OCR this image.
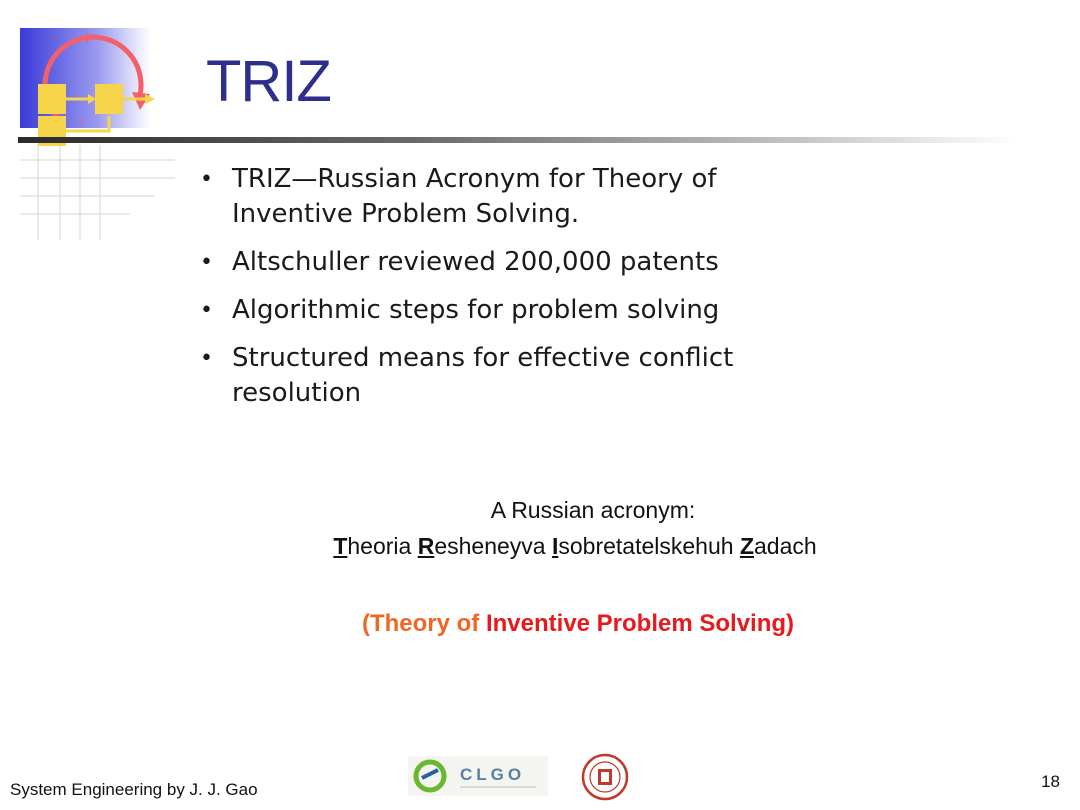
+
-
TRIZ
• TRIZ—Russian Acronym for Theory of Inventive Problem Solving.
• Altschuller reviewed 200,000 patents
• Algorithmic steps for problem solving
• Structured means for effective conflict resolution
A Russian acronym:
Theoria Resheneyva Isobretatelskehuh Zadach
(Theory of Inventive Problem Solving)
System Engineering by J. J. Gao
CLGO	18
